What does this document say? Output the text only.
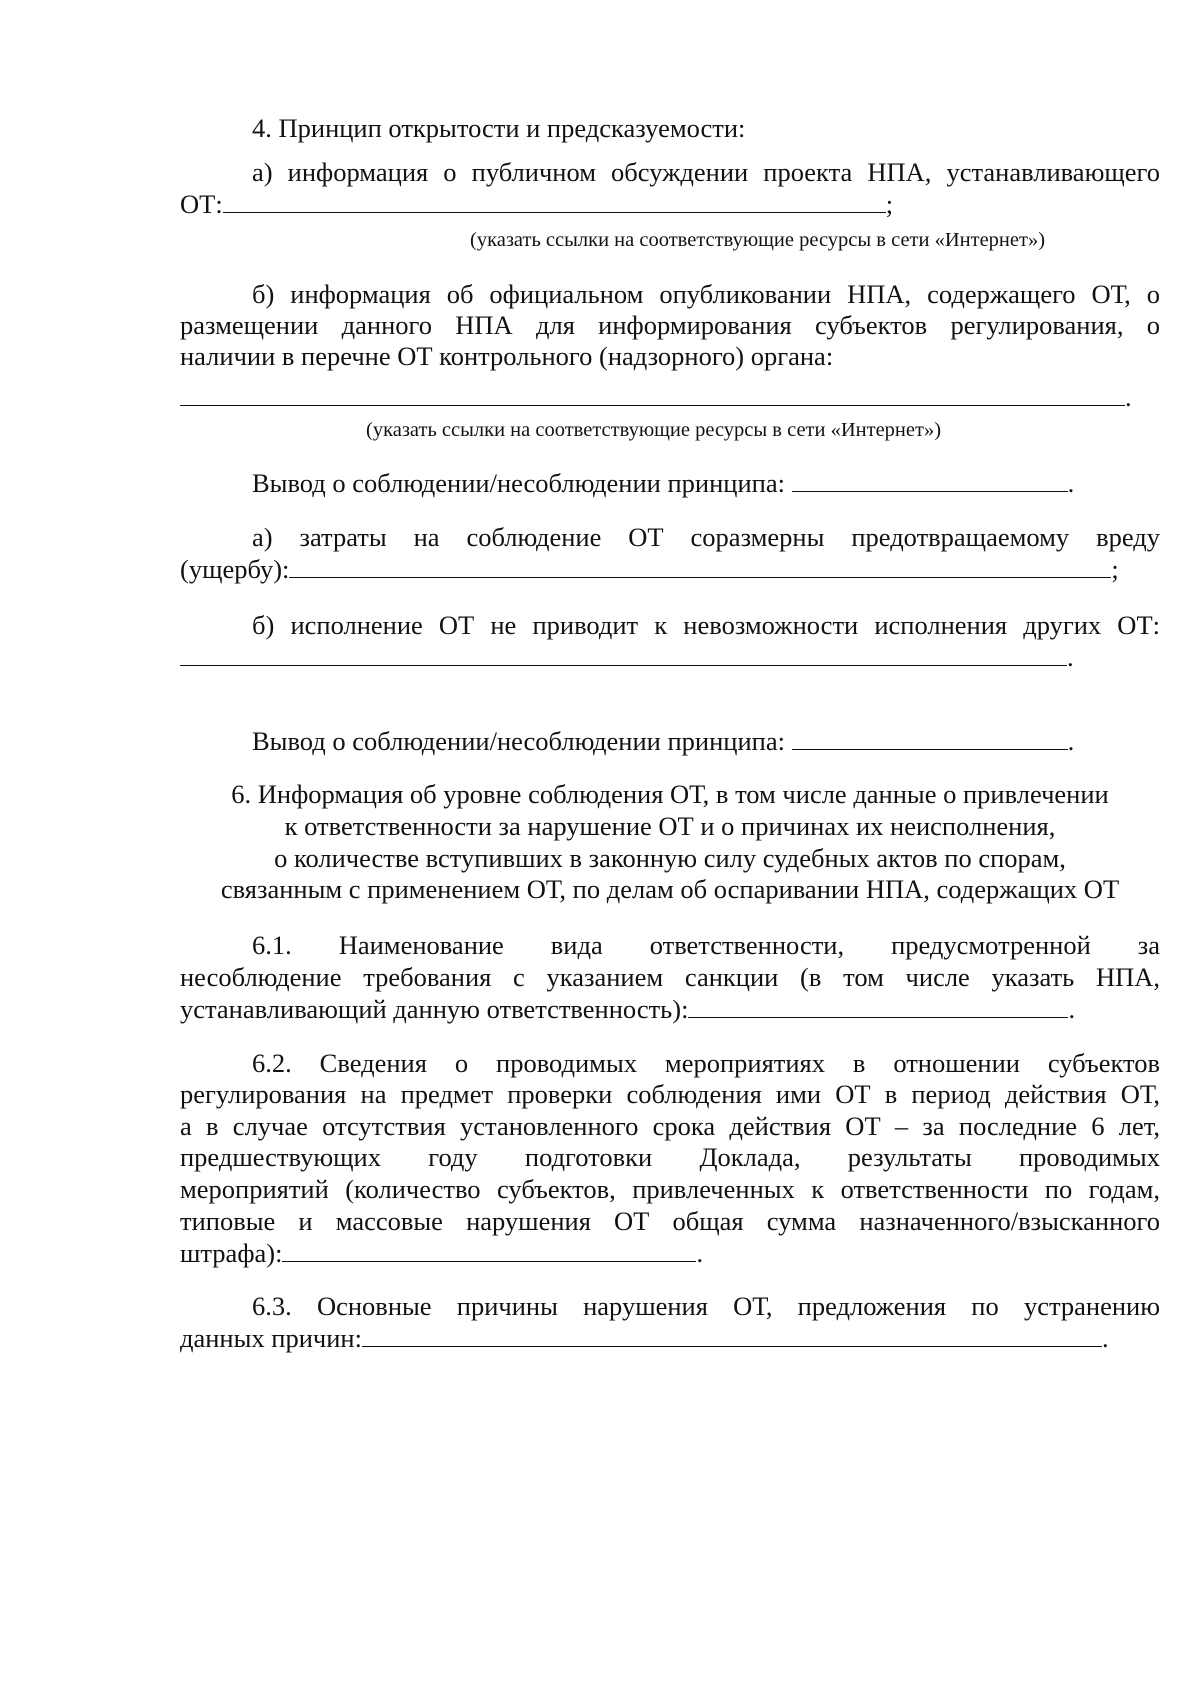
4. Принцип открытости и предсказуемости:
а) информация о публичном обсуждении проекта НПА, устанавливающего
ОТ:	;
(указать ссылки на соответствующие ресурсы в сети «Интернет»)
б) информация об официальном опубликовании НПА, содержащего ОТ, о
размещении данного НПА для информирования субъектов регулирования, о
наличии в перечне ОТ контрольного (надзорного) органа:
.
(указать ссылки на соответствующие ресурсы в сети «Интернет»)
Вывод о соблюдении/несоблюдении принципа:	.
а) затраты на соблюдение ОТ соразмерны предотвращаемому вреду
(ущербу):	;
б) исполнение ОТ не приводит к невозможности исполнения других ОТ:
.
Вывод о соблюдении/несоблюдении принципа:	.
6. Информация об уровне соблюдения ОТ, в том числе данные о привлечении
к ответственности за нарушение ОТ и о причинах их неисполнения,
о количестве вступивших в законную силу судебных актов по спорам,
связанным с применением ОТ, по делам об оспаривании НПА, содержащих ОТ
6.1. Наименование вида ответственности, предусмотренной за
несоблюдение требования с указанием санкции (в том числе указать НПА,
устанавливающий данную ответственность):	.
6.2. Сведения о проводимых мероприятиях в отношении субъектов
регулирования на предмет проверки соблюдения ими ОТ в период действия ОТ,
а в случае отсутствия установленного срока действия ОТ – за последние 6 лет,
предшествующих году подготовки Доклада, результаты проводимых
мероприятий (количество субъектов, привлеченных к ответственности по годам,
типовые и массовые нарушения ОТ общая сумма назначенного/взысканного
штрафа):	.
6.3. Основные причины нарушения ОТ, предложения по устранению
данных причин:	.
